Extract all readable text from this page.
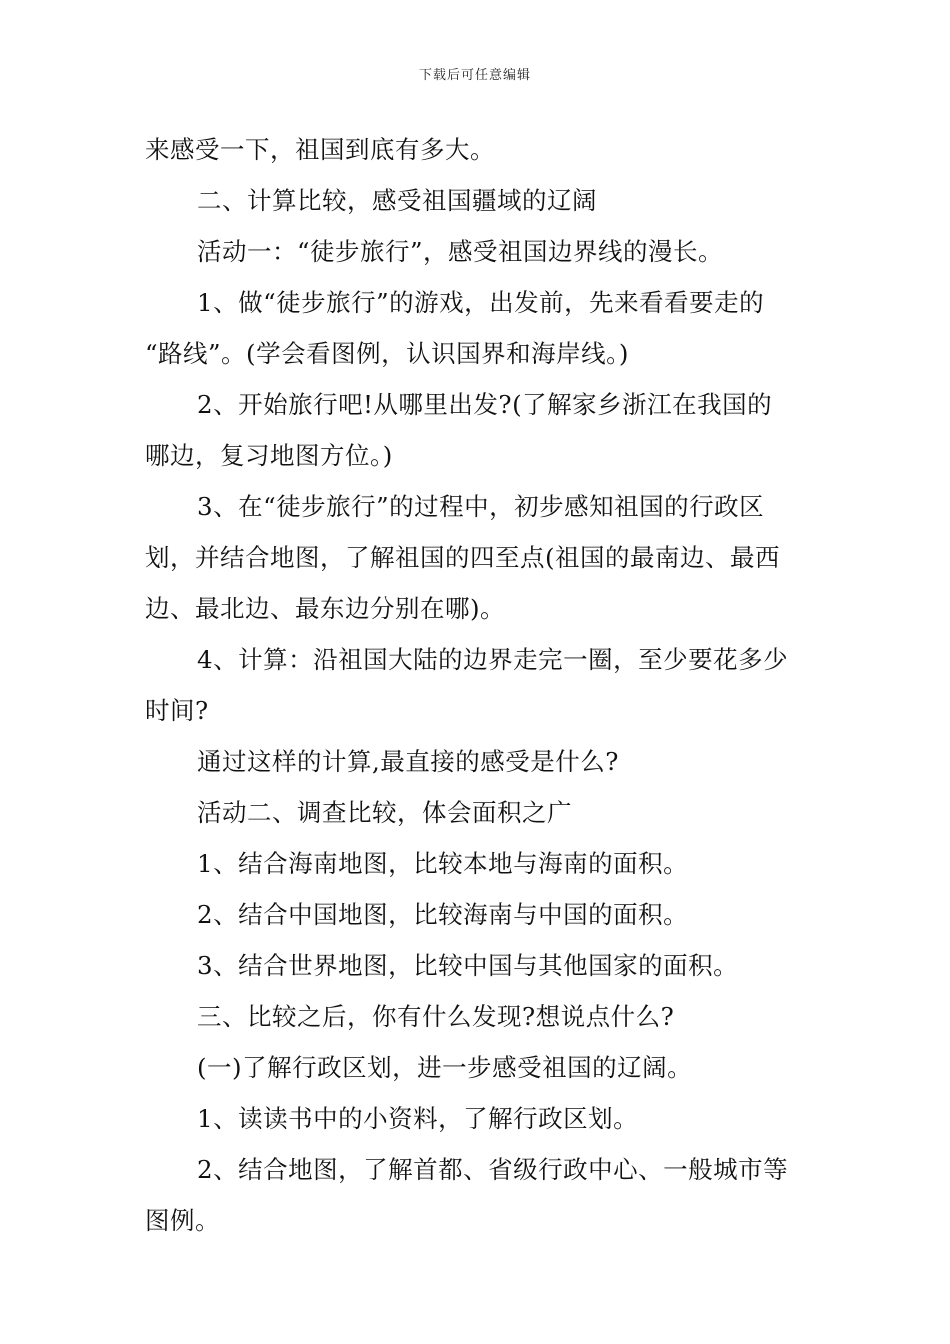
下载后可任意编辑
来感受一下，祖国到底有多大。
二、计算比较，感受祖国疆域的辽阔
活动一：“徒步旅行”，感受祖国边界线的漫长。
1、做“徒步旅行”的游戏，出发前，先来看看要走的
“路线”。(学会看图例，认识国界和海岸线。)
2、开始旅行吧!从哪里出发?(了解家乡浙江在我国的
哪边，复习地图方位。)
3、在“徒步旅行”的过程中，初步感知祖国的行政区
划，并结合地图，了解祖国的四至点(祖国的最南边、最西
边、最北边、最东边分别在哪)。
4、计算：沿祖国大陆的边界走完一圈，至少要花多少
时间?
通过这样的计算,最直接的感受是什么?
活动二、调查比较，体会面积之广
1、结合海南地图，比较本地与海南的面积。
2、结合中国地图，比较海南与中国的面积。
3、结合世界地图，比较中国与其他国家的面积。
三、比较之后，你有什么发现?想说点什么?
(一)了解行政区划，进一步感受祖国的辽阔。
1、读读书中的小资料，了解行政区划。
2、结合地图，了解首都、省级行政中心、一般城市等
图例。
